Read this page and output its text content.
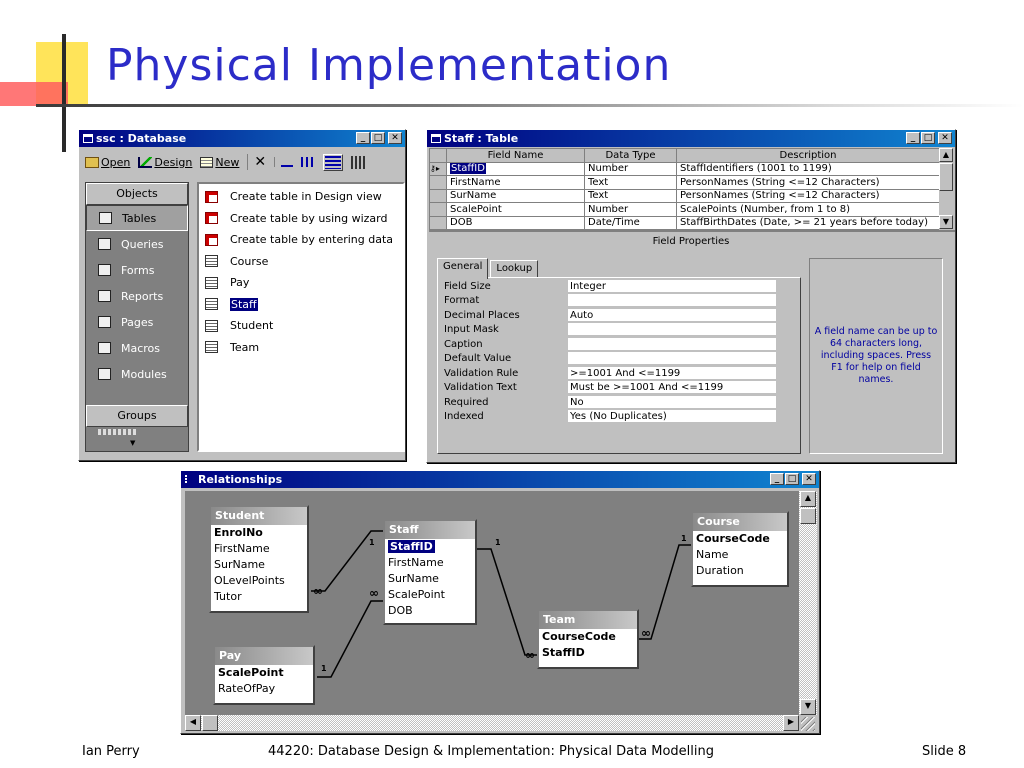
Physical Implementation
ssc : Database	_ □ ✕
Open Design New	✕
Objects
Tables
Queries
Forms
Reports
Pages
Macros
Modules
Groups
▼
Create table in Design view
Create table by using wizard
Create table by entering data
Course
Pay
Staff
Student
Team
Staff : Table	_ □ ✕
	Field Name	Data Type	Description
⚷▸	StaffID	Number	StaffIdentifiers (1001 to 1199)
	FirstName	Text	PersonNames (String <=12 Characters)
	SurName	Text	PersonNames (String <=12 Characters)
	ScalePoint	Number	ScalePoints (Number, from 1 to 8)
	DOB	Date/Time	StaffBirthDates (Date, >= 21 years before today)
▲
▼
Field Properties
General	Lookup
Field Size	Integer
Format
Decimal Places	Auto
Input Mask
Caption
Default Value
Validation Rule	>=1001 And <=1199
Validation Text	Must be >=1001 And <=1199
Required	No
Indexed	Yes (No Duplicates)
A field name can be up to 64 characters long, including spaces. Press F1 for help on field names.
Relationships	_ □ ✕
1
∞
1
∞
1
∞
1
∞
Student
EnrolNo
FirstName
SurName
OLevelPoints
Tutor
Staff
StaffID
FirstName
SurName
ScalePoint
DOB
Course
CourseCode
Name
Duration
Team
CourseCode
StaffID
Pay
ScalePoint
RateOfPay
▲
▼
◀	▶
Ian Perry	44220: Database Design & Implementation: Physical Data Modelling	Slide 8
